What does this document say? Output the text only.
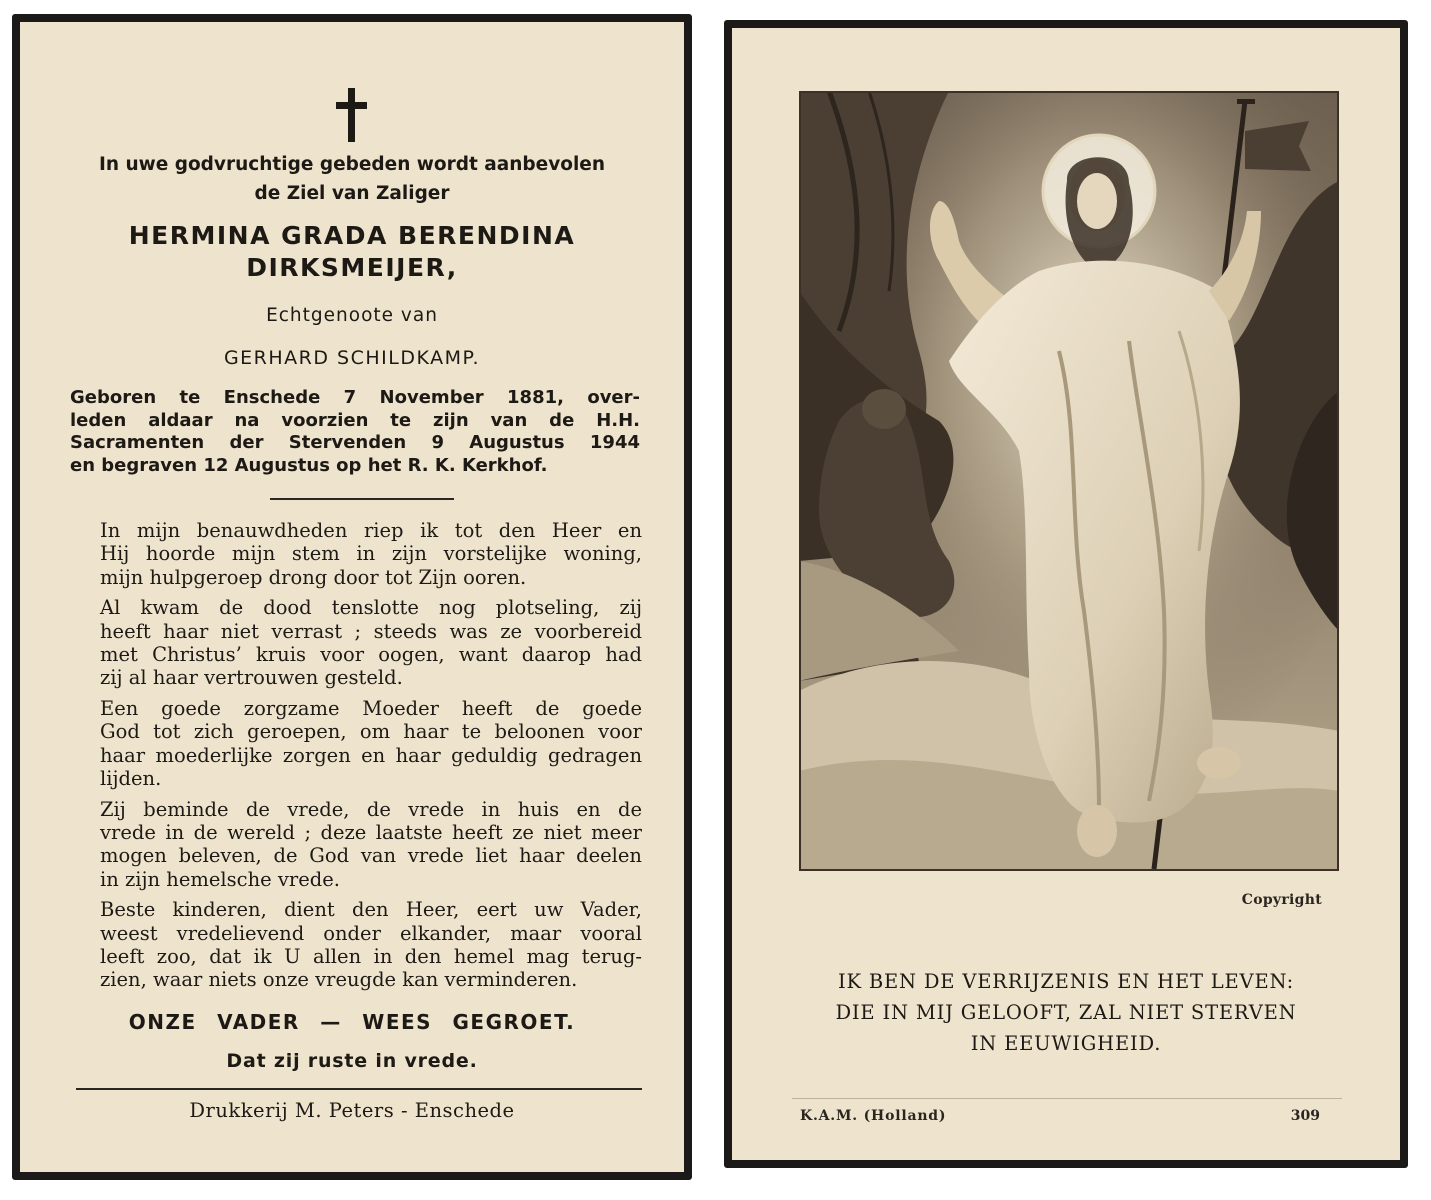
In uwe godvruchtige gebeden wordt aanbevolen
de Ziel van Zaliger
HERMINA GRADA BERENDINA
DIRKSMEIJER,
Echtgenoote van
GERHARD SCHILDKAMP.
Geboren te Enschede 7 November 1881, over-
leden aldaar na voorzien te zijn van de H.H.
Sacramenten der Stervenden 9 Augustus 1944
en begraven 12 Augustus op het R. K. Kerkhof.

In mijn benauwdheden riep ik tot den Heer en
Hij hoorde mijn stem in zijn vorstelijke woning,
mijn hulpgeroep drong door tot Zijn ooren.

Al kwam de dood tenslotte nog plotseling, zij
heeft haar niet verrast ; steeds was ze voorbereid
met Christus’ kruis voor oogen, want daarop had
zij al haar vertrouwen gesteld.

Een goede zorgzame Moeder heeft de goede
God tot zich geroepen, om haar te beloonen voor
haar moederlijke zorgen en haar geduldig gedragen
lijden.

Zij beminde de vrede, de vrede in huis en de
vrede in de wereld ; deze laatste heeft ze niet meer
mogen beleven, de God van vrede liet haar deelen
in zijn hemelsche vrede.

Beste kinderen, dient den Heer, eert uw Vader,
weest vredelievend onder elkander, maar vooral
leeft zoo, dat ik U allen in den hemel mag terug-
zien, waar niets onze vreugde kan verminderen.

ONZE VADER — WEES GEGROET.
Dat zij ruste in vrede.
Drukkerij M. Peters - Enschede
Copyright
IK BEN DE VERRIJZENIS EN HET LEVEN:
DIE IN MIJ GELOOFT, ZAL NIET STERVEN
IN EEUWIGHEID.
K.A.M. (Holland)	309
